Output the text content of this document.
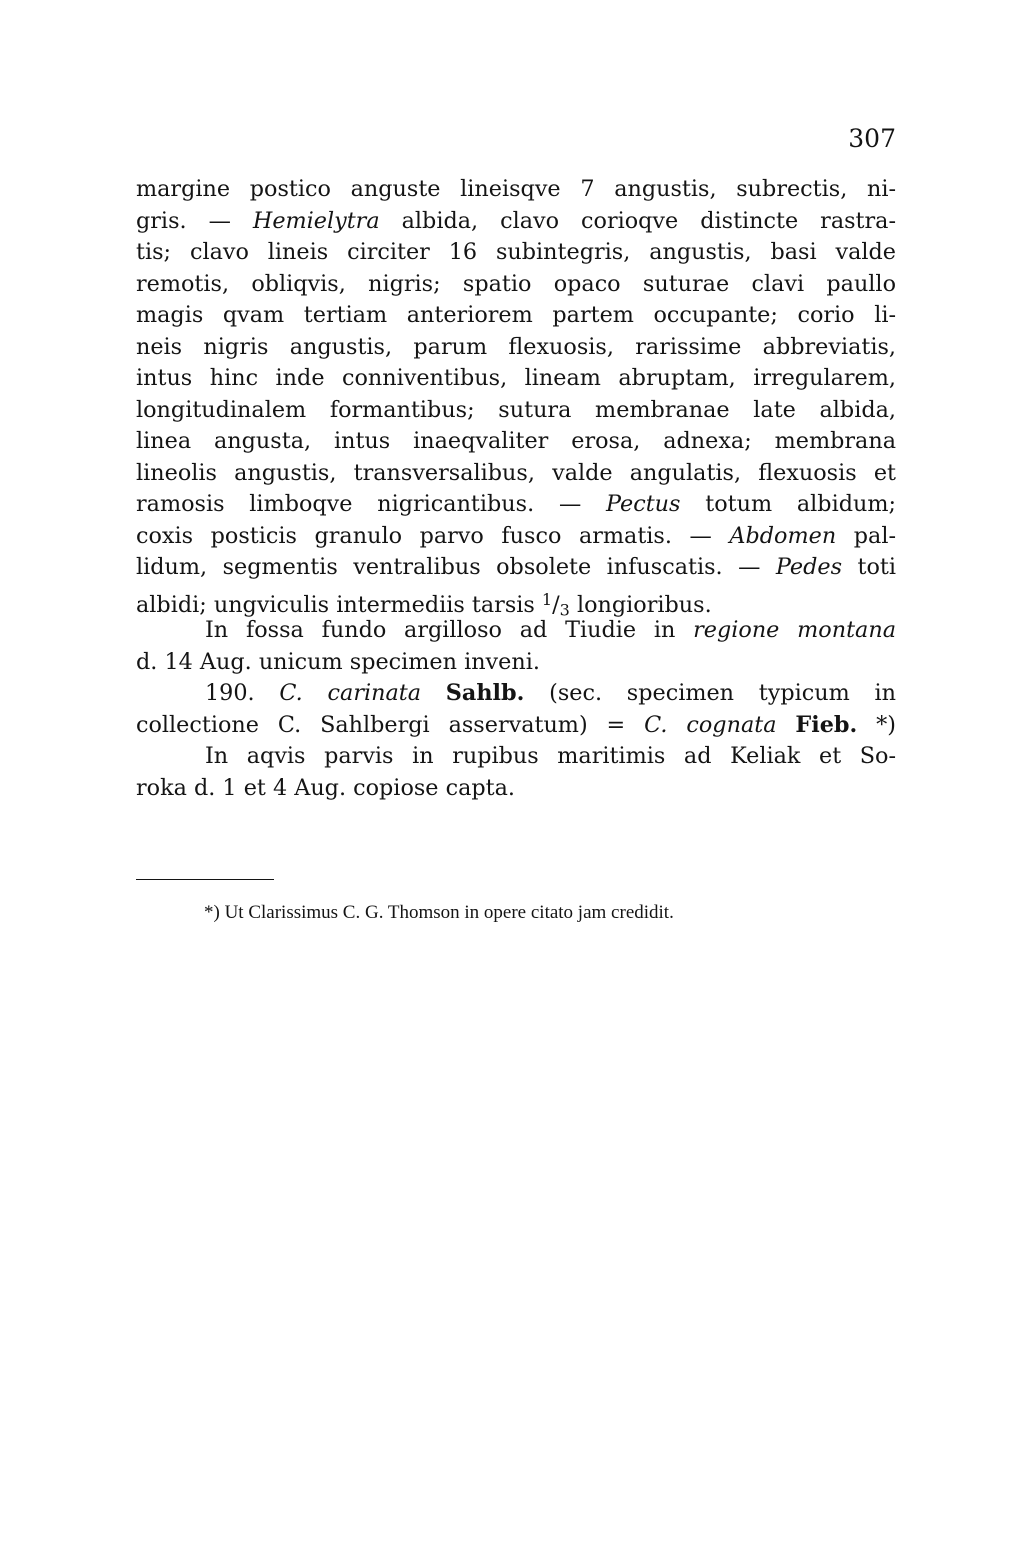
307
margine postico anguste lineisqve 7 angustis, subrectis, ni-
gris. — Hemielytra albida, clavo corioqve distincte rastra-
tis; clavo lineis circiter 16 subintegris, angustis, basi valde
remotis, obliqvis, nigris; spatio opaco suturae clavi paullo
magis qvam tertiam anteriorem partem occupante; corio li-
neis nigris angustis, parum flexuosis, rarissime abbreviatis,
intus hinc inde conniventibus, lineam abruptam, irregularem,
longitudinalem formantibus; sutura membranae late albida,
linea angusta, intus inaeqvaliter erosa, adnexa; membrana
lineolis angustis, transversalibus, valde angulatis, flexuosis et
ramosis limboqve nigricantibus. — Pectus totum albidum;
coxis posticis granulo parvo fusco armatis. — Abdomen pal-
lidum, segmentis ventralibus obsolete infuscatis. — Pedes toti
albidi; ungviculis intermediis tarsis $^1$/3 longioribus.
In fossa fundo argilloso ad Tiudie in regione montana
d. 14 Aug. unicum specimen inveni.
190. C. carinata Sahlb. (sec. specimen typicum in
collectione C. Sahlbergi asservatum) = C. cognata Fieb. *)
In aqvis parvis in rupibus maritimis ad Keliak et So-
roka d. 1 et 4 Aug. copiose capta.
*) Ut Clarissimus C. G. Thomson in opere citato jam credidit.
